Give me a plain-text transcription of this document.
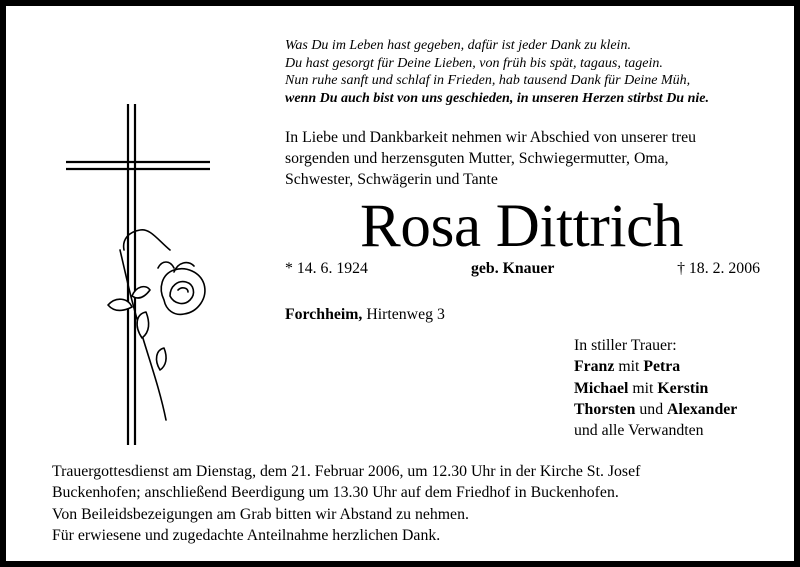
Was Du im Leben hast gegeben, dafür ist jeder Dank zu klein.
Du hast gesorgt für Deine Lieben, von früh bis spät, tagaus, tagein.
Nun ruhe sanft und schlaf in Frieden, hab tausend Dank für Deine Müh,
wenn Du auch bist von uns geschieden, in unseren Herzen stirbst Du nie.
In Liebe und Dankbarkeit nehmen wir Abschied von unserer treu
sorgenden und herzensguten Mutter, Schwiegermutter, Oma,
Schwester, Schwägerin und Tante
Rosa Dittrich
* 14. 6. 1924	geb. Knauer	† 18. 2. 2006
Forchheim, Hirtenweg 3
In stiller Trauer:
Franz mit Petra
Michael mit Kerstin
Thorsten und Alexander
und alle Verwandten
Trauergottesdienst am Dienstag, dem 21. Februar 2006, um 12.30 Uhr in der Kirche St. Josef
Buckenhofen; anschließend Beerdigung um 13.30 Uhr auf dem Friedhof in Buckenhofen.
Von Beileidsbezeigungen am Grab bitten wir Abstand zu nehmen.
Für erwiesene und zugedachte Anteilnahme herzlichen Dank.
